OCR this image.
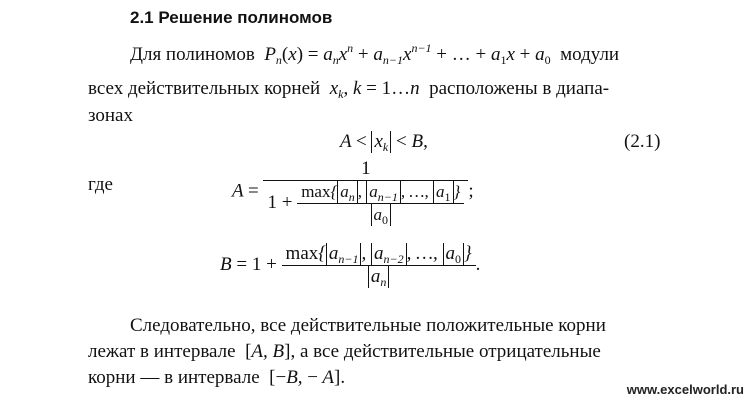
2.1 Решение полиномов
Для полиномов $P_n(x) = a_nx^n + a_{n-1}x^{n-1}$ + … + $a_1x + a_0$ модули
всех действительных корней $x_k$, k = 1…n расположены в диапа-
зонах
$A < x_k < B$,	(2.1)
где	$A = \frac{1}{1 + \frac{\max\{ a_n , a_{n-1} , \dots, a_1 \}}{a_0}}$ ;
$B = 1 + \frac{\max\{ a_{n-1} , a_{n-2} , \dots, a_0 \}}{a_n}$ .
Следовательно, все действительные положительные корни
лежат в интервале [A, B], а все действительные отрицательные
корни — в интервале [−B, − A].
www.excelworld.ru
